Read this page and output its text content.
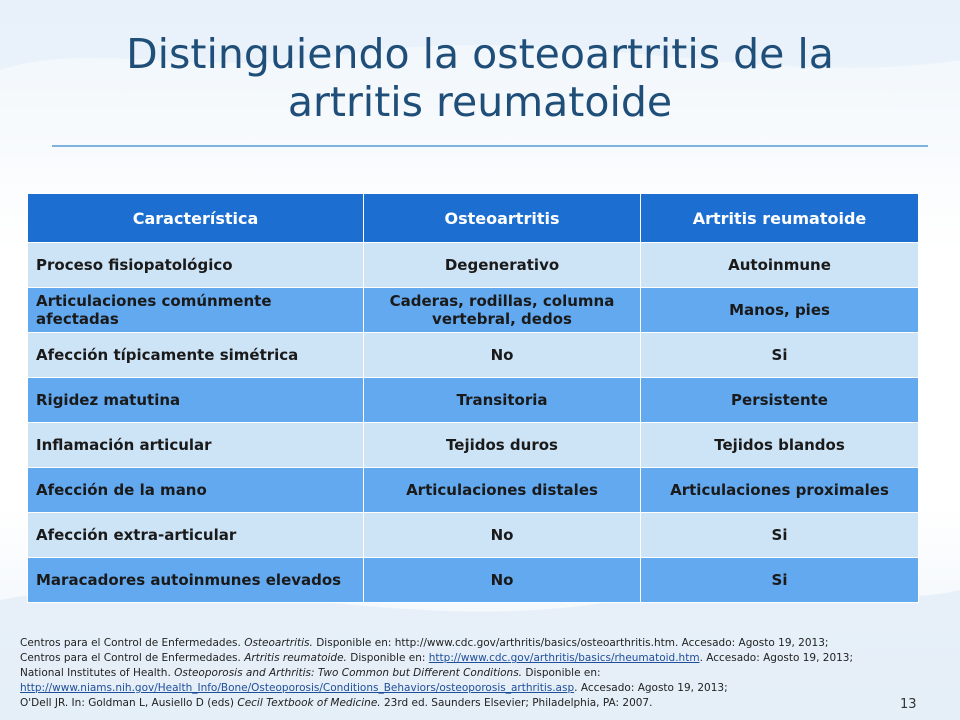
Distinguiendo la osteoartritis de la artritis reumatoide
Característica	Osteoartritis	Artritis reumatoide
Proceso fisiopatológico	Degenerativo	Autoinmune
Articulaciones comúnmente afectadas	Caderas, rodillas, columna vertebral, dedos	Manos, pies
Afección típicamente simétrica	No	Si
Rigidez matutina	Transitoria	Persistente
Inflamación articular	Tejidos duros	Tejidos blandos
Afección de la mano	Articulaciones distales	Articulaciones proximales
Afección extra-articular	No	Si
Maracadores autoinmunes elevados	No	Si
Centros para el Control de Enfermedades. Osteoartritis. Disponible en: http://www.cdc.gov/arthritis/basics/osteoarthritis.htm. Accesado: Agosto 19, 2013;
Centros para el Control de Enfermedades. Artritis reumatoide. Disponible en: http://www.cdc.gov/arthritis/basics/rheumatoid.htm. Accesado: Agosto 19, 2013;
National Institutes of Health. Osteoporosis and Arthritis: Two Common but Different Conditions. Disponible en:
http://www.niams.nih.gov/Health_Info/Bone/Osteoporosis/Conditions_Behaviors/osteoporosis_arthritis.asp. Accesado: Agosto 19, 2013;
O'Dell JR. In: Goldman L, Ausiello D (eds) Cecil Textbook of Medicine. 23rd ed. Saunders Elsevier; Philadelphia, PA: 2007.	13
